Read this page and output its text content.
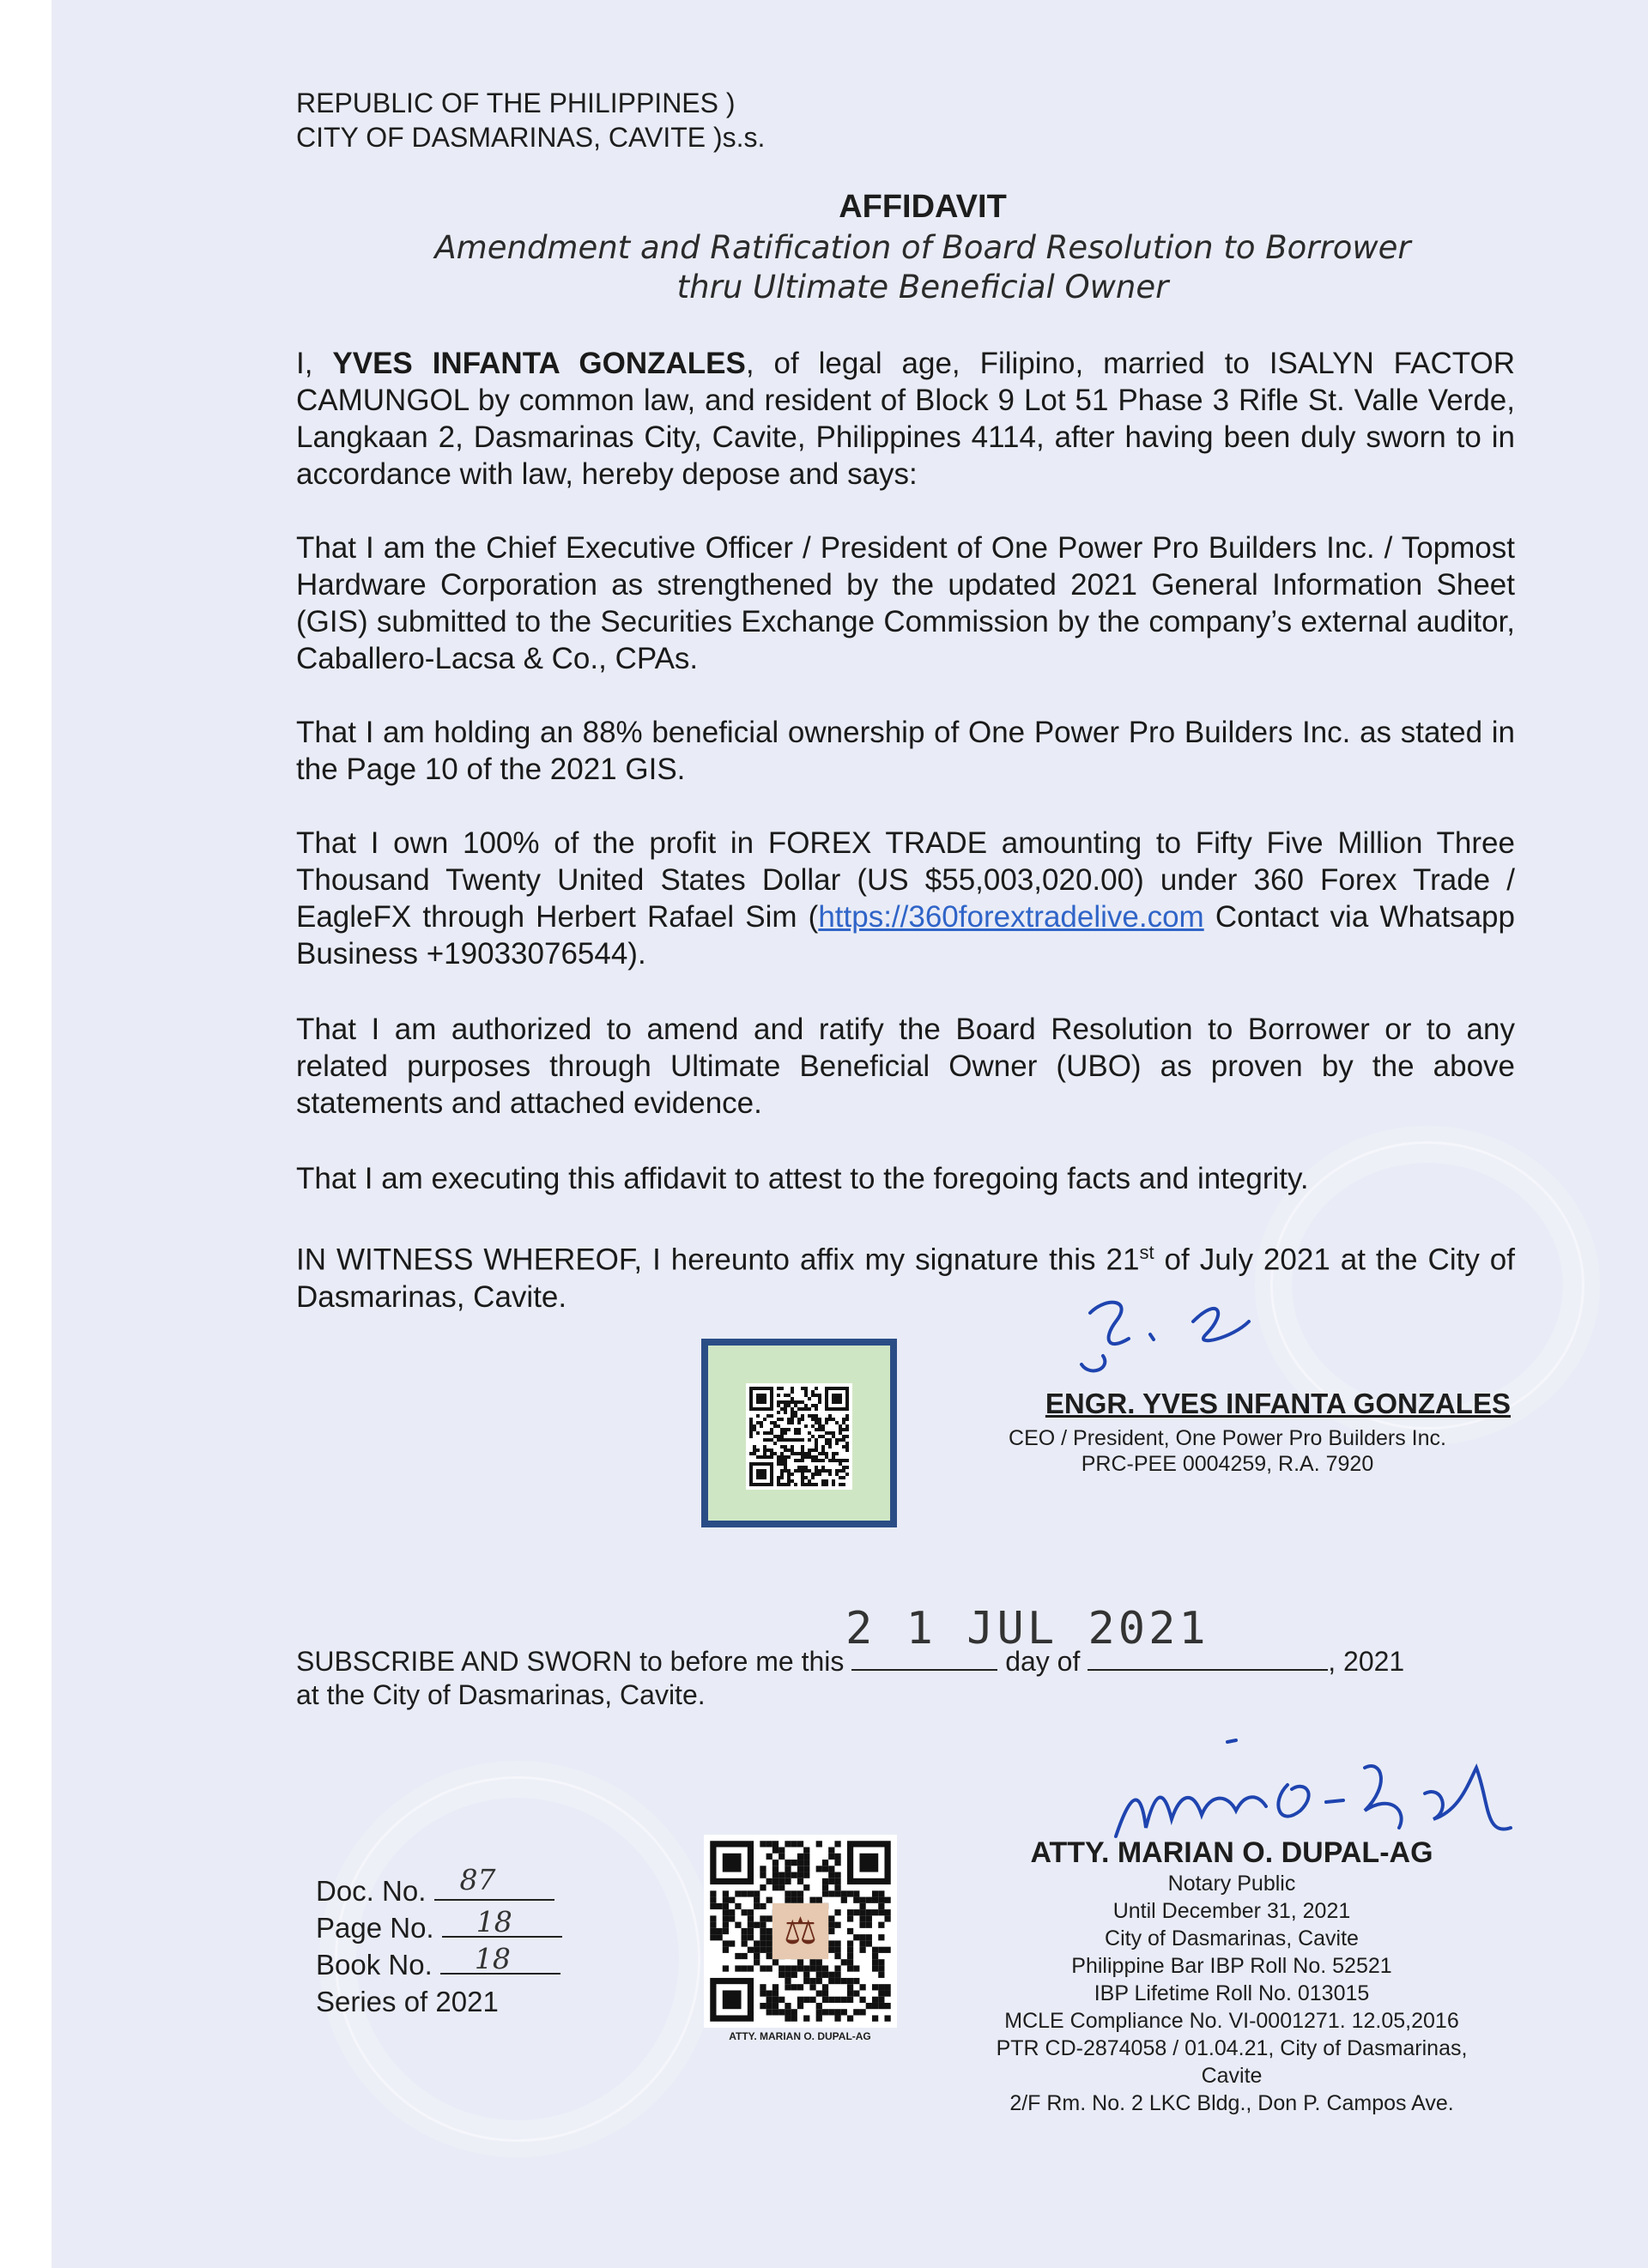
REPUBLIC OF THE PHILIPPINES )

CITY OF DASMARINAS, CAVITE )s.s.

AFFIDAVIT

Amendment and Ratification of Board Resolution to Borrower

thru Ultimate Beneficial Owner

I, YVES INFANTA GONZALES, of legal age, Filipino, married to ISALYN FACTOR CAMUNGOL by common law, and resident of Block 9 Lot 51 Phase 3 Rifle St. Valle Verde, Langkaan 2, Dasmarinas City, Cavite, Philippines 4114, after having been duly sworn to in accordance with law, hereby depose and says:

That I am the Chief Executive Officer / President of One Power Pro Builders Inc. / Topmost Hardware Corporation as strengthened by the updated 2021 General Information Sheet (GIS) submitted to the Securities Exchange Commission by the company’s external auditor, Caballero-Lacsa & Co., CPAs.

That I am holding an 88% beneficial ownership of One Power Pro Builders Inc. as stated in the Page 10 of the 2021 GIS.

That I own 100% of the profit in FOREX TRADE amounting to Fifty Five Million Three Thousand Twenty United States Dollar (US $55,003,020.00) under 360 Forex Trade / EagleFX through Herbert Rafael Sim (https://360forextradelive.com Contact via Whatsapp Business +19033076544).

That I am authorized to amend and ratify the Board Resolution to Borrower or to any related purposes through Ultimate Beneficial Owner (UBO) as proven by the above statements and attached evidence.

That I am executing this affidavit to attest to the foregoing facts and integrity.

IN WITNESS WHEREOF, I hereunto affix my signature this 21st of July 2021 at the City of Dasmarinas, Cavite.

ENGR. YVES INFANTA GONZALES
CEO / President, One Power Pro Builders Inc.
PRC-PEE 0004259, R.A. 7920
2 1 JUL 2021
SUBSCRIBE AND SWORN to before me this	day of	, 2021
at the City of Dasmarinas, Cavite.
ATTY. MARIAN O. DUPAL-AG
Notary Public
Until December 31, 2021
City of Dasmarinas, Cavite
Philippine Bar IBP Roll No. 52521
IBP Lifetime Roll No. 013015
MCLE Compliance No. VI-0001271. 12.05,2016
PTR CD-2874058 / 01.04.21, City of Dasmarinas, Cavite
2/F Rm. No. 2 LKC Bldg., Don P. Campos Ave.
⚖
ATTY. MARIAN O. DUPAL-AG
Doc. No. 87
Page No. 18
Book No. 18
Series of 2021
